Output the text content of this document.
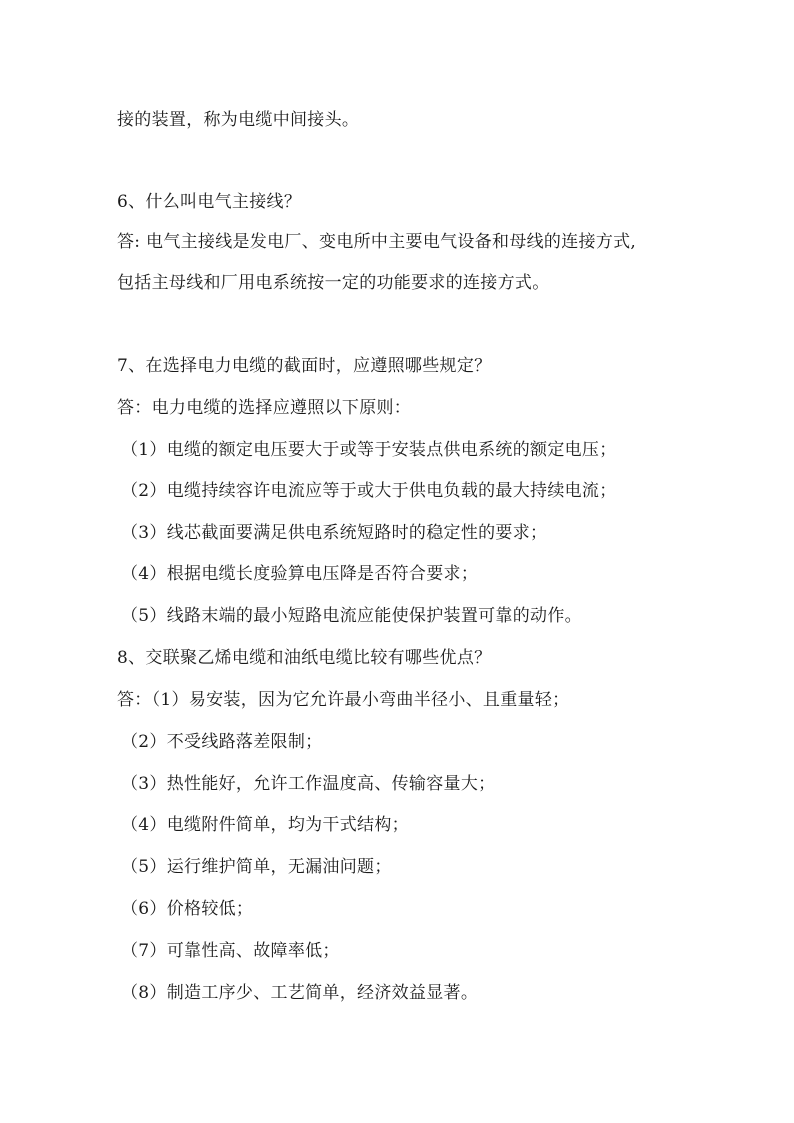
接的装置，称为电缆中间接头。
6、什么叫电气主接线？
答: 电气主接线是发电厂、变电所中主要电气设备和母线的连接方式,
包括主母线和厂用电系统按一定的功能要求的连接方式。
7、在选择电力电缆的截面时，应遵照哪些规定？
答：电力电缆的选择应遵照以下原则：
（1）电缆的额定电压要大于或等于安装点供电系统的额定电压；
（2）电缆持续容许电流应等于或大于供电负载的最大持续电流；
（3）线芯截面要满足供电系统短路时的稳定性的要求；
（4）根据电缆长度验算电压降是否符合要求；
（5）线路末端的最小短路电流应能使保护装置可靠的动作。
8、交联聚乙烯电缆和油纸电缆比较有哪些优点？
答：（1）易安装，因为它允许最小弯曲半径小、且重量轻；
（2）不受线路落差限制；
（3）热性能好，允许工作温度高、传输容量大；
（4）电缆附件简单，均为干式结构；
（5）运行维护简单，无漏油问题；
（6）价格较低；
（7）可靠性高、故障率低；
（8）制造工序少、工艺简单，经济效益显著。
